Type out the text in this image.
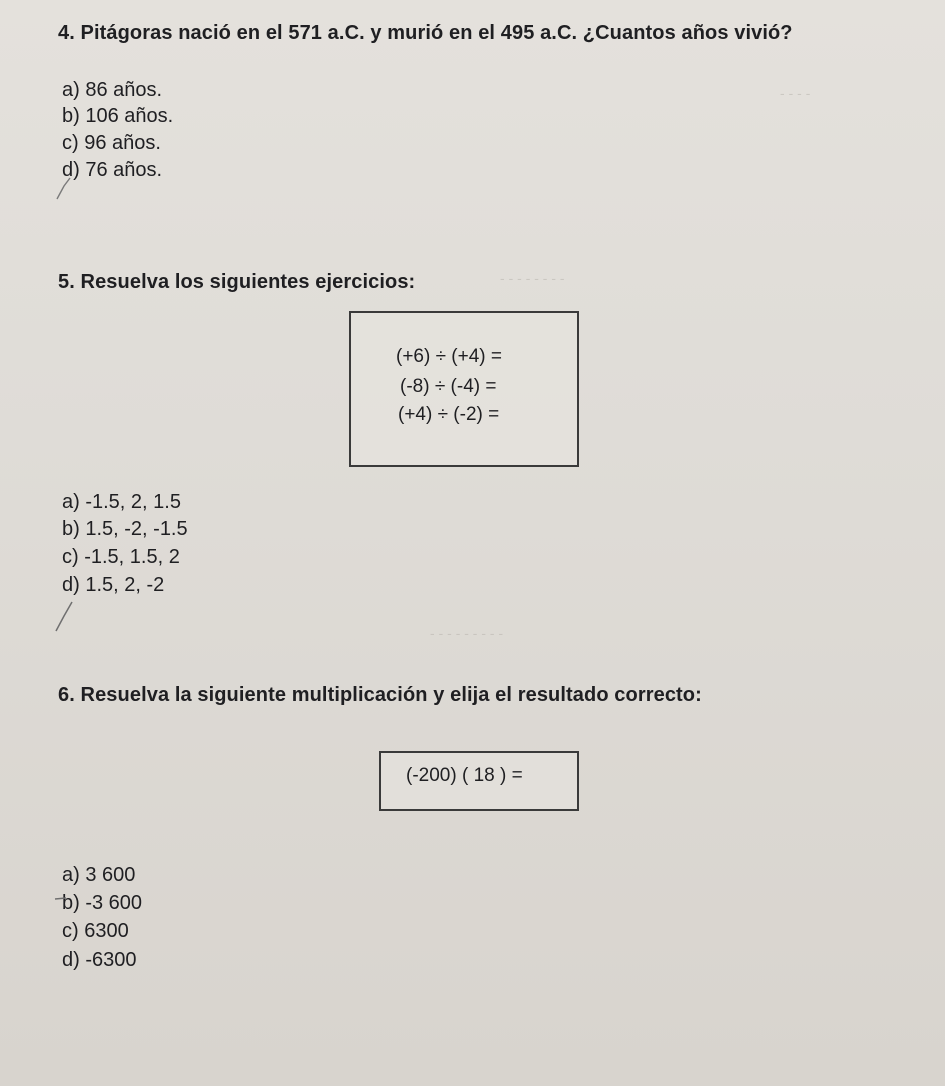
- - - -
- - - - - - - -
- - - - - - - - -
4. Pitágoras nació en el 571 a.C. y murió en el 495 a.C. ¿Cuantos años vivió?
a) 86 años.
b) 106 años.
c) 96 años.
d) 76 años.
5. Resuelva los siguientes ejercicios:
(+6) ÷ (+4) =
(-8) ÷ (-4) =
(+4) ÷ (-2) =
a) -1.5, 2, 1.5
b) 1.5, -2, -1.5
c) -1.5, 1.5, 2
d) 1.5, 2, -2
6. Resuelva la siguiente multiplicación y elija el resultado correcto:
(-200) ( 18 ) =
a) 3 600
b) -3 600
c) 6300
d) -6300
